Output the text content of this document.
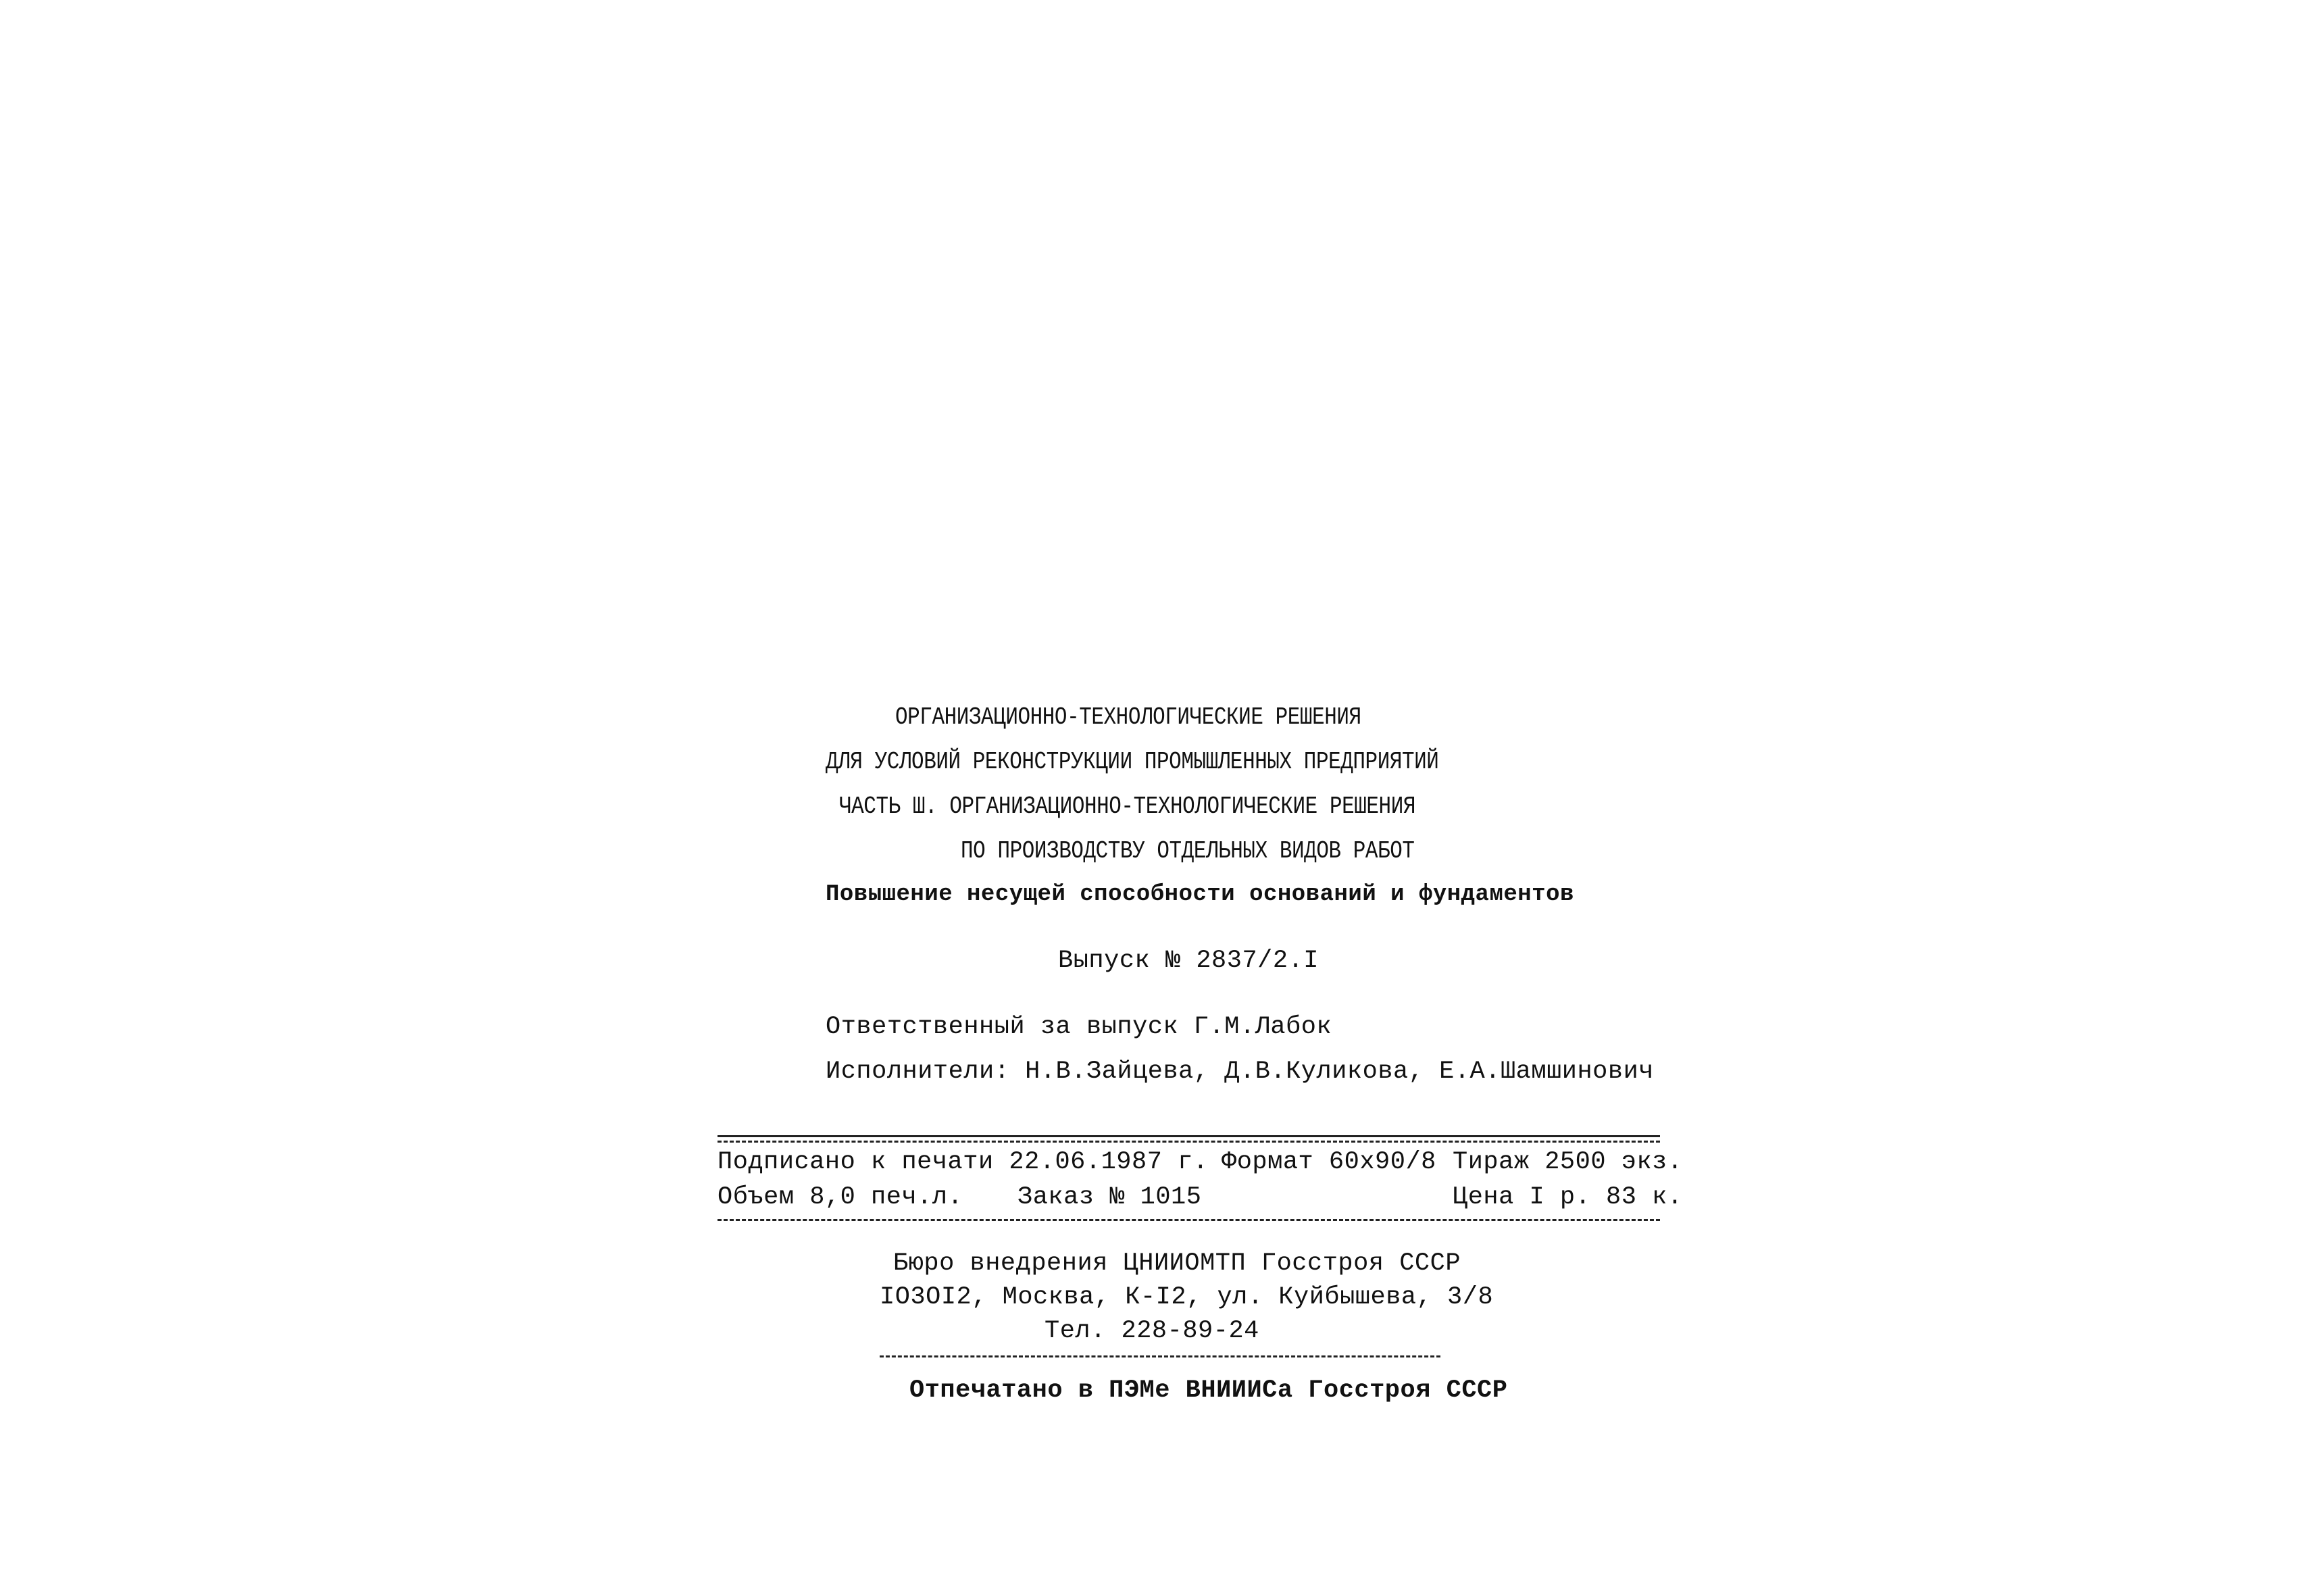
ОРГАНИЗАЦИОННО-ТЕХНОЛОГИЧЕСКИЕ РЕШЕНИЯ
ДЛЯ УСЛОВИЙ РЕКОНСТРУКЦИИ ПРОМЫШЛЕННЫХ ПРЕДПРИЯТИЙ
ЧАСТЬ Ш. ОРГАНИЗАЦИОННО-ТЕХНОЛОГИЧЕСКИЕ РЕШЕНИЯ
ПО ПРОИЗВОДСТВУ ОТДЕЛЬНЫХ ВИДОВ РАБОТ
Повышение несущей способности оснований и фундаментов
Выпуск № 2837/2.I
Ответственный за выпуск Г.М.Лабок
Исполнители: Н.В.Зайцева, Д.В.Куликова, Е.А.Шамшинович
Подписано к печати 22.06.1987 г. Формат 60х90/8 Тираж 2500 экз.
Объем 8,0 печ.л. Заказ № 1015	Цена I р. 83 к.
Бюро внедрения ЦНИИОМТП Госстроя СССР
IO3OI2, Москва, К-I2, ул. Куйбышева, 3/8
Тел. 228-89-24
Отпечатано в ПЭМе ВНИИИСа Госстроя СССР
